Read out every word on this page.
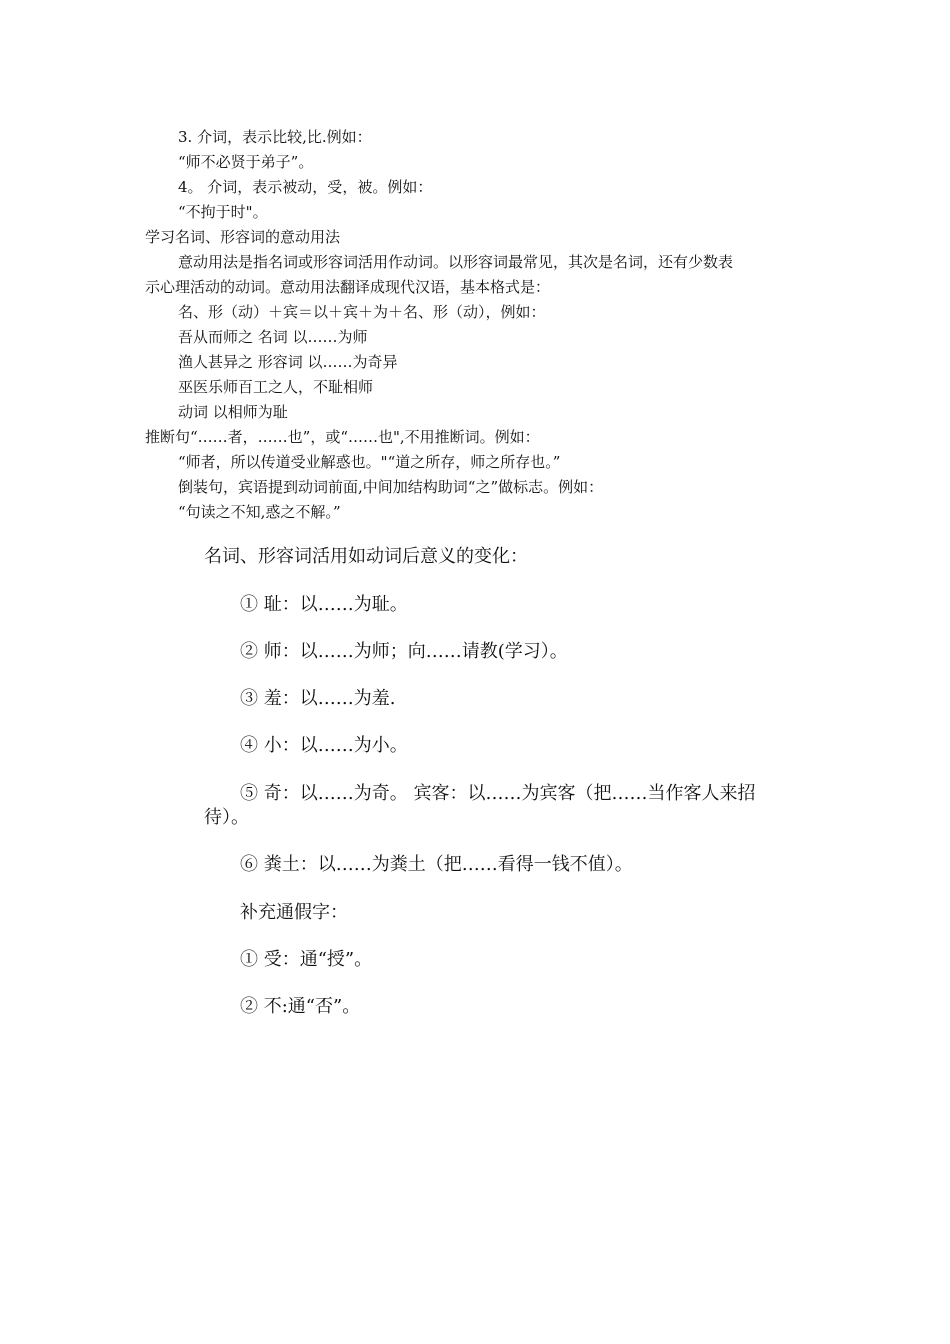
3. 介词，表示比较,比.例如：
“师不必贤于弟子”。
4。 介词，表示被动，受，被。例如：
“不拘于时"。
学习名词、形容词的意动用法
意动用法是指名词或形容词活用作动词。以形容词最常见，其次是名词，还有少数表
示心理活动的动词。意动用法翻译成现代汉语，基本格式是：
名、形（动）＋宾＝以＋宾＋为＋名、形（动），例如：
吾从而师之 名词 以……为师
渔人甚异之 形容词 以……为奇异
巫医乐师百工之人，不耻相师
动词 以相师为耻
推断句“……者，……也”，或“……也",不用推断词。例如：
“师者，所以传道受业解惑也。"“道之所存，师之所存也。”
倒装句，宾语提到动词前面,中间加结构助词“之”做标志。例如：
“句读之不知,惑之不解。”
名词、形容词活用如动词后意义的变化：
① 耻：以……为耻。
② 师：以……为师；向……请教(学习）。
③ 羞：以……为羞.
④ 小：以……为小。
⑤ 奇：以……为奇。 宾客：以……为宾客（把……当作客人来招
待）。
⑥ 粪土：以……为粪土（把……看得一钱不值）。
补充通假字：
① 受：通“授”。
② 不:通“否”。
